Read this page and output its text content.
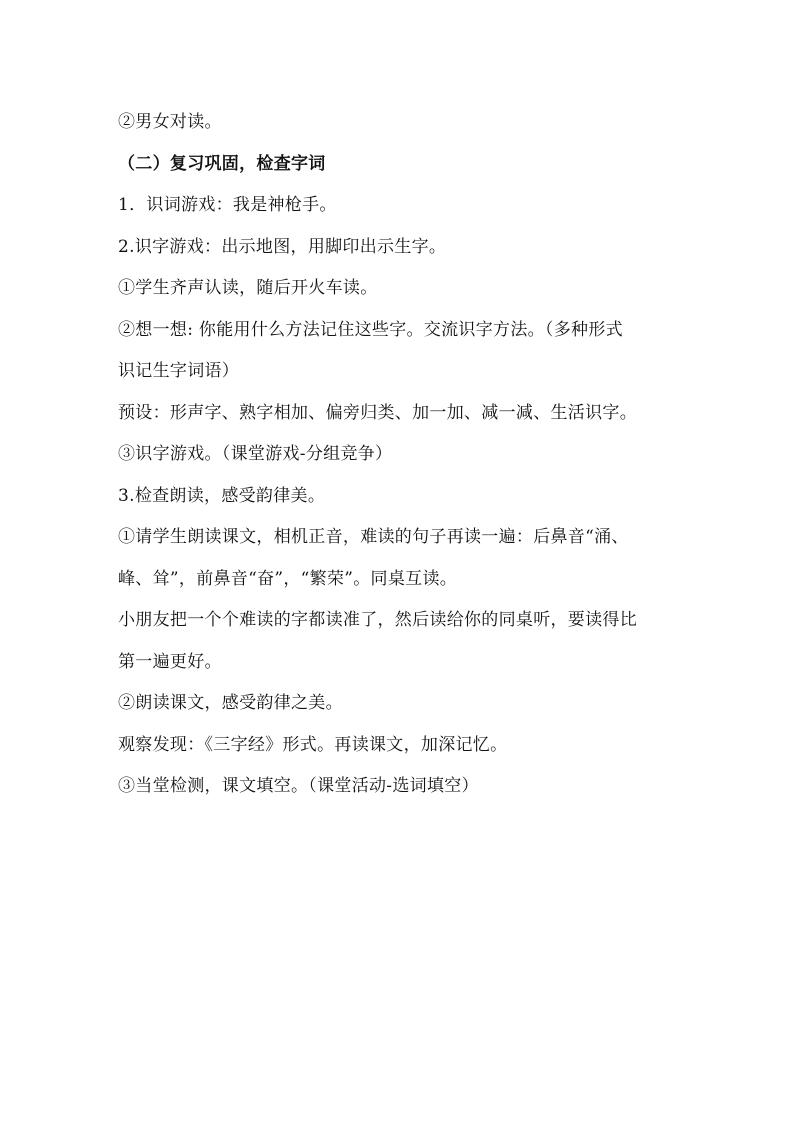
②男女对读。
（二）复习巩固，检查字词
1．识词游戏：我是神枪手。
2.识字游戏：出示地图，用脚印出示生字。
①学生齐声认读，随后开火车读。
②想一想: 你能用什么方法记住这些字。交流识字方法。（多种形式
识记生字词语）
预设：形声字、熟字相加、偏旁归类、加一加、减一减、生活识字。
③识字游戏。（课堂游戏-分组竞争）
3.检查朗读，感受韵律美。
①请学生朗读课文，相机正音，难读的句子再读一遍：后鼻音“涌、
峰、耸”，前鼻音“奋”，“繁荣”。同桌互读。
小朋友把一个个难读的字都读准了，然后读给你的同桌听，要读得比
第一遍更好。
②朗读课文，感受韵律之美。
观察发现：《三字经》形式。再读课文，加深记忆。
③当堂检测，课文填空。（课堂活动-选词填空）
